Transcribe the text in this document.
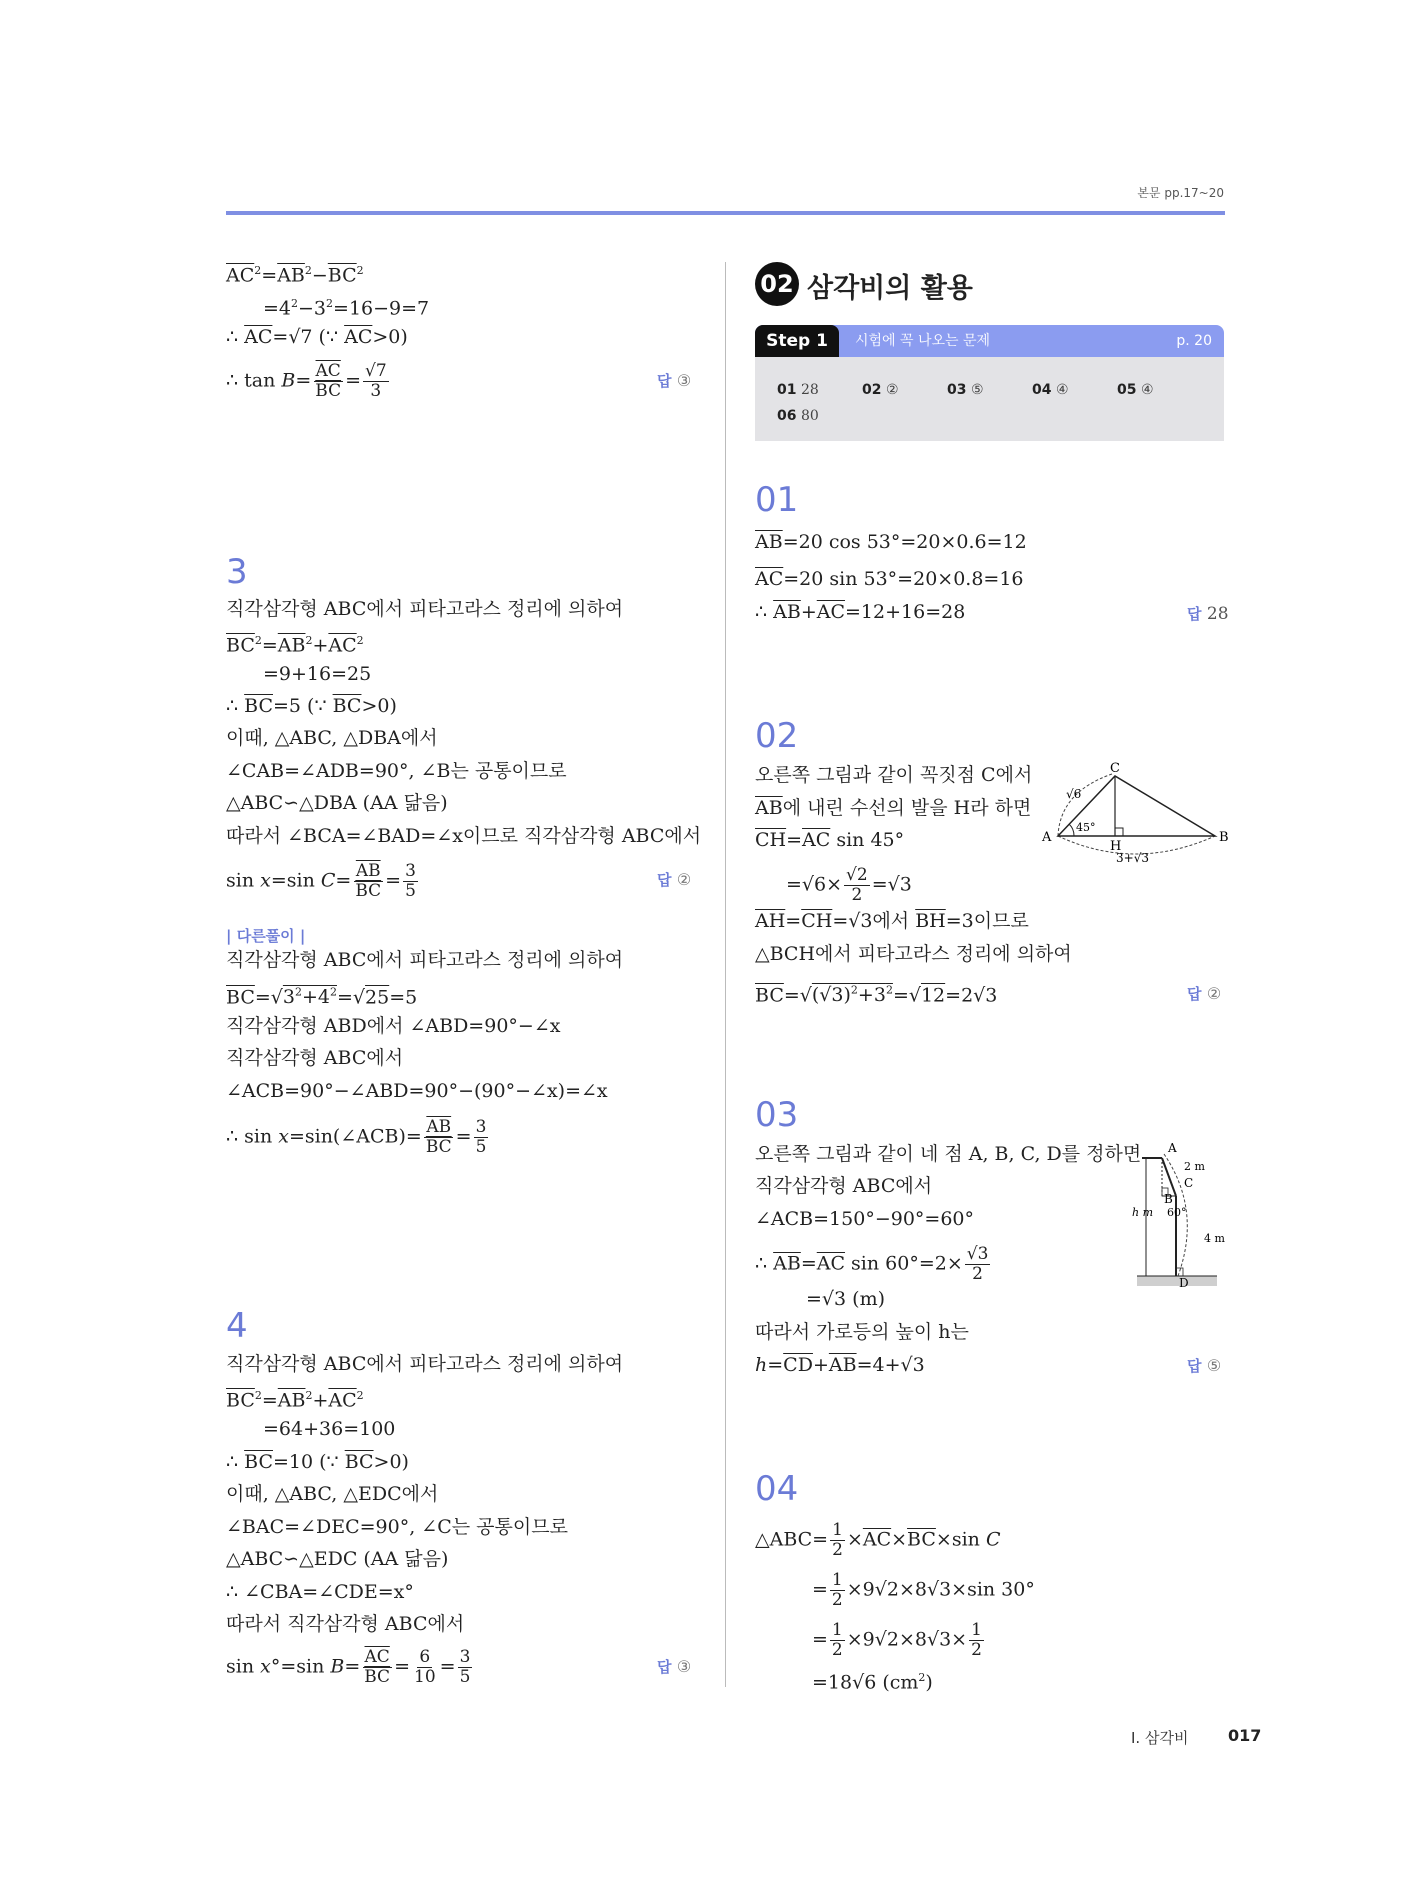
본문 pp.17~20
$\overline{AC}^2=\overline{AB}^2-\overline{BC}^2$
$=4^2-3^2=16-9=7$
∴ $\overline{AC}=√7$ (∵ $\overline{AC}>0$)
∴ $\tan B= \frac{\overline{AC}}{BC} = \frac{√7}{3}$	답 ③
3
직각삼각형 ABC에서 피타고라스 정리에 의하여
$\overline{BC}^2=\overline{AB}^2+\overline{AC}^2$
=9+16=25
∴ $\overline{BC}=5$ (∵ $\overline{BC}>0$)
이때, △ABC, △DBA에서
∠CAB=∠ADB=90°, ∠B는 공통이므로
△ABC∽△DBA (AA 닮음)
따라서 ∠BCA=∠BAD=∠x이므로 직각삼각형 ABC에서
sin x=sin $C= \frac{\overline{AB}}{BC} = \frac{3}{5}$	답 ②
| 다른풀이 |
직각삼각형 ABC에서 피타고라스 정리에 의하여
$\overline{BC}=√3^2+4^2=√25=5$
직각삼각형 ABD에서 ∠ABD=90°−∠x
직각삼각형 ABC에서
∠ACB=90°−∠ABD=90°−(90°−∠x)=∠x
∴ sin x=sin(∠ACB)= $\frac{\overline{AB}}{BC} = \frac{3}{5}$
4
직각삼각형 ABC에서 피타고라스 정리에 의하여
$\overline{BC}^2=\overline{AB}^2+\overline{AC}^2$
=64+36=100
∴ $\overline{BC}=10$ (∵ $\overline{BC}>0$)
이때, △ABC, △EDC에서
∠BAC=∠DEC=90°, ∠C는 공통이므로
△ABC∽△EDC (AA 닮음)
∴ ∠CBA=∠CDE=x°
따라서 직각삼각형 ABC에서
sin x°=sin $B= \frac{\overline{AC}}{BC} = \frac{6}{10} = \frac{3}{5}$	답 ③
02 삼각비의 활용
Step 1	시험에 꼭 나오는 문제	p. 20
01 28	02 ②	03 ⑤	04 ④	05 ④
06 80
01
$\overline{AB}=20$ cos 53°=20×0.6=12
$\overline{AC}=20$ sin 53°=20×0.8=16
∴ $\overline{AB}+\overline{AC}=12+16=28$	답 28
02
오른쪽 그림과 같이 꼭짓점 C에서
$\overline{AB}$에 내린 수선의 발을 H라 하면
$\overline{CH}=\overline{AC}$ sin 45°
$=√6\times \frac{√2}{2} =√3$
$\overline{AH}=\overline{CH}=√3$에서 $\overline{BH}=3$이므로
△BCH에서 피타고라스 정리에 의하여
$\overline{BC}=√(√3)^2+3^2=√12=2√3$	답 ②
C
√6
45°
A
H
B
3+√3
03
오른쪽 그림과 같이 네 점 A, B, C, D를 정하면
직각삼각형 ABC에서
∠ACB=150°−90°=60°
∴ $\overline{AB}=\overline{AC}$ $\sin 60^\circ=2\times \frac{√3}{2}$
=√3 (m)
따라서 가로등의 높이 h는
$h=\overline{CD}+\overline{AB}=4+√3$	답 ⑤
A
2 m
C
B
60°
h m
4 m
D
04
△ABC= $\frac{1}{2} \times\overline{AC}\times\overline{BC}\times\sin$ C
= $\frac{1}{2} \times 9√2\times 8√3\times\sin$ 30°
= $\frac{1}{2} \times 9√2\times 8√3\times \frac{1}{2}$
=18√6 $(cm^2)$
Ⅰ. 삼각비 017
